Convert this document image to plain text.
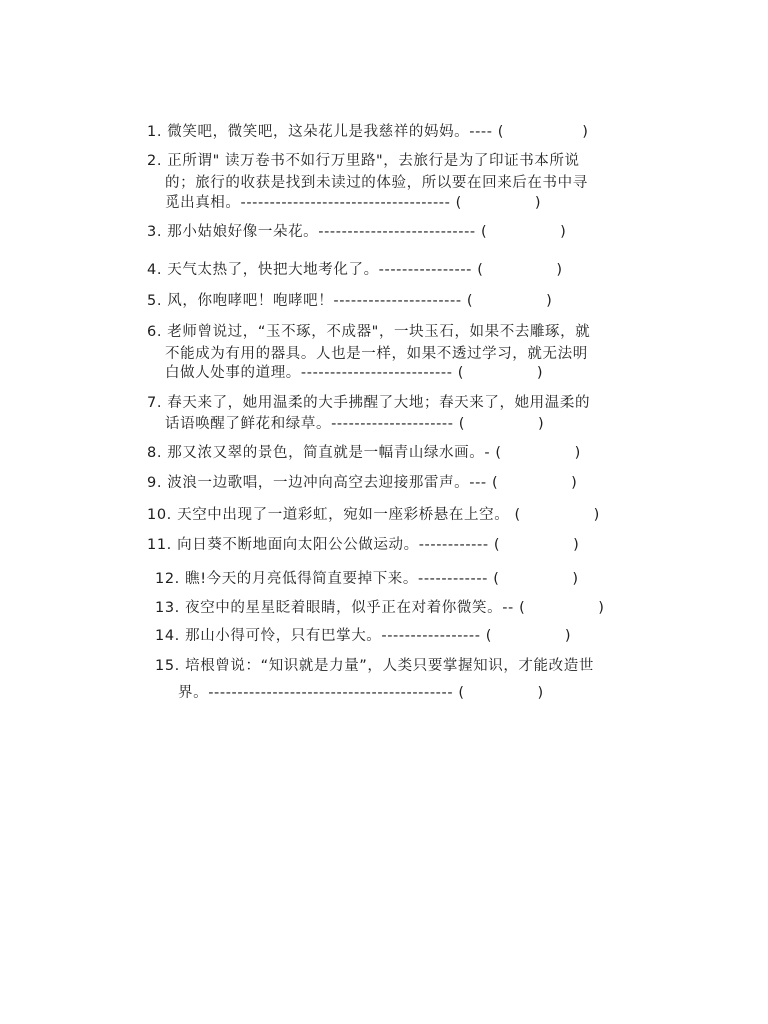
1. 微笑吧，微笑吧，这朵花儿是我慈祥的妈妈。---- (               )
2. 正所谓" 读万卷书不如行万里路"，去旅行是为了印证书本所说
的；旅行的收获是找到未读过的体验，所以要在回来后在书中寻
觅出真相。------------------------------------ (              )
3. 那小姑娘好像一朵花。--------------------------- (              )
4. 天气太热了，快把大地考化了。---------------- (              )
5. 风，你咆哮吧！咆哮吧！---------------------- (              )
6. 老师曾说过，“玉不琢，不成器"，一块玉石，如果不去雕琢，就
不能成为有用的器具。人也是一样，如果不透过学习，就无法明
白做人处事的道理。-------------------------- (              )
7. 春天来了，她用温柔的大手拂醒了大地；春天来了，她用温柔的
话语唤醒了鲜花和绿草。--------------------- (              )
8. 那又浓又翠的景色，简直就是一幅青山绿水画。- (              )
9. 波浪一边歌唱，一边冲向高空去迎接那雷声。--- (              )
10. 天空中出现了一道彩虹，宛如一座彩桥悬在上空。 (              )
11. 向日葵不断地面向太阳公公做运动。------------ (              )
12. 瞧!今天的月亮低得简直要掉下来。------------ (              )
13. 夜空中的星星眨着眼睛，似乎正在对着你微笑。-- (              )
14. 那山小得可怜，只有巴掌大。----------------- (              )
15. 培根曾说：“知识就是力量”，人类只要掌握知识，才能改造世
界。------------------------------------------ (              )
